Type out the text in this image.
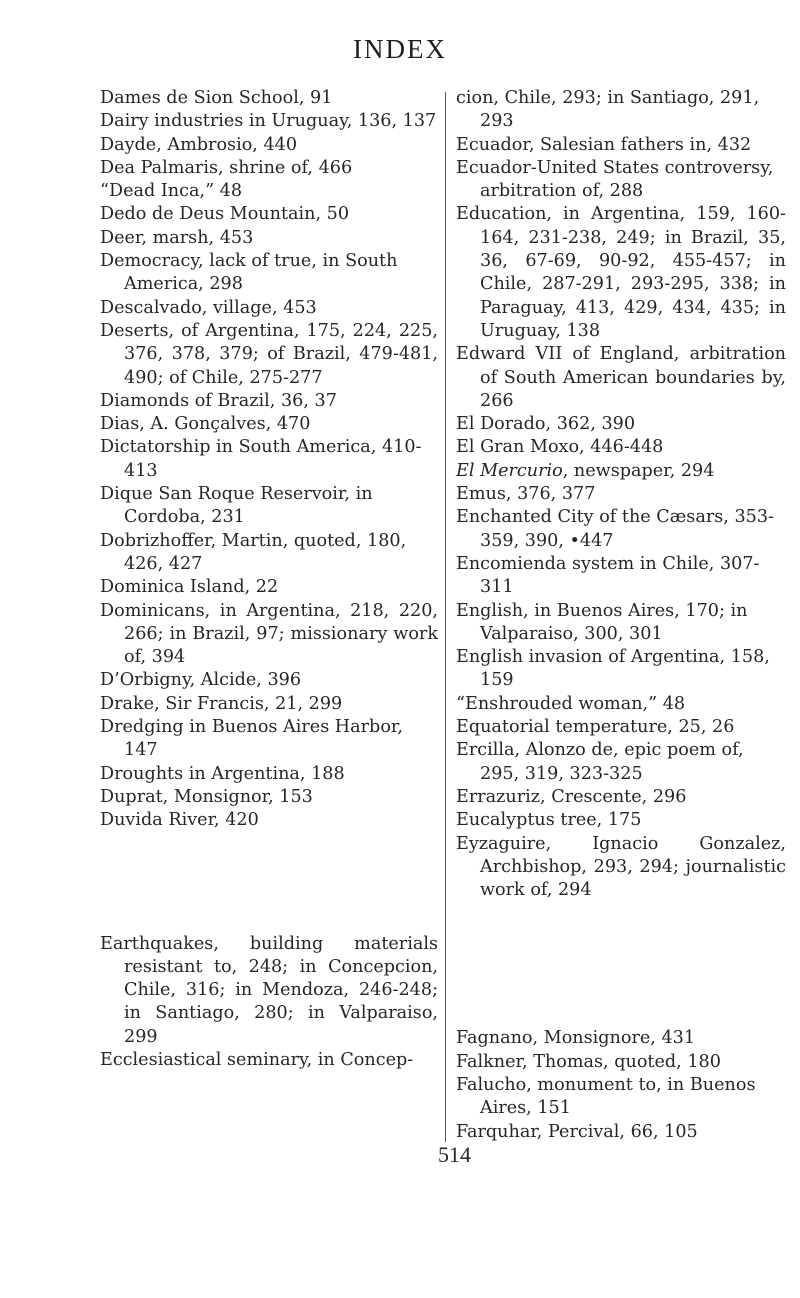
INDEX
Dames de Sion School, 91
Dairy industries in Uruguay, 136, 137
Dayde, Ambrosio, 440
Dea Palmaris, shrine of, 466
“Dead Inca,” 48
Dedo de Deus Mountain, 50
Deer, marsh, 453
Democracy, lack of true, in South America, 298
Descalvado, village, 453
Deserts, of Argentina, 175, 224, 225, 376, 378, 379; of Brazil, 479-481, 490; of Chile, 275-277
Diamonds of Brazil, 36, 37
Dias, A. Gonçalves, 470
Dictatorship in South America, 410-413
Dique San Roque Reservoir, in Cordoba, 231
Dobrizhoffer, Martin, quoted, 180, 426, 427
Dominica Island, 22
Dominicans, in Argentina, 218, 220, 266; in Brazil, 97; missionary work of, 394
D’Orbigny, Alcide, 396
Drake, Sir Francis, 21, 299
Dredging in Buenos Aires Harbor, 147
Droughts in Argentina, 188
Duprat, Monsignor, 153
Duvida River, 420
Earthquakes, building materials resistant to, 248; in Concepcion, Chile, 316; in Mendoza, 246-248; in Santiago, 280; in Valparaiso, 299
Ecclesiastical seminary, in Concep-
cion, Chile, 293; in Santiago, 291, 293
Ecuador, Salesian fathers in, 432
Ecuador-United States controversy, arbitration of, 288
Education, in Argentina, 159, 160-164, 231-238, 249; in Brazil, 35, 36, 67-69, 90-92, 455-457; in Chile, 287-291, 293-295, 338; in Paraguay, 413, 429, 434, 435; in Uruguay, 138
Edward VII of England, arbitration of South American boundaries by, 266
El Dorado, 362, 390
El Gran Moxo, 446-448
El Mercurio, newspaper, 294
Emus, 376, 377
Enchanted City of the Cæsars, 353-359, 390, •447
Encomienda system in Chile, 307-311
English, in Buenos Aires, 170; in Valparaiso, 300, 301
English invasion of Argentina, 158, 159
“Enshrouded woman,” 48
Equatorial temperature, 25, 26
Ercilla, Alonzo de, epic poem of, 295, 319, 323-325
Errazuriz, Crescente, 296
Eucalyptus tree, 175
Eyzaguire, Ignacio Gonzalez, Archbishop, 293, 294; journalistic work of, 294
Fagnano, Monsignore, 431
Falkner, Thomas, quoted, 180
Falucho, monument to, in Buenos Aires, 151
Farquhar, Percival, 66, 105
514
